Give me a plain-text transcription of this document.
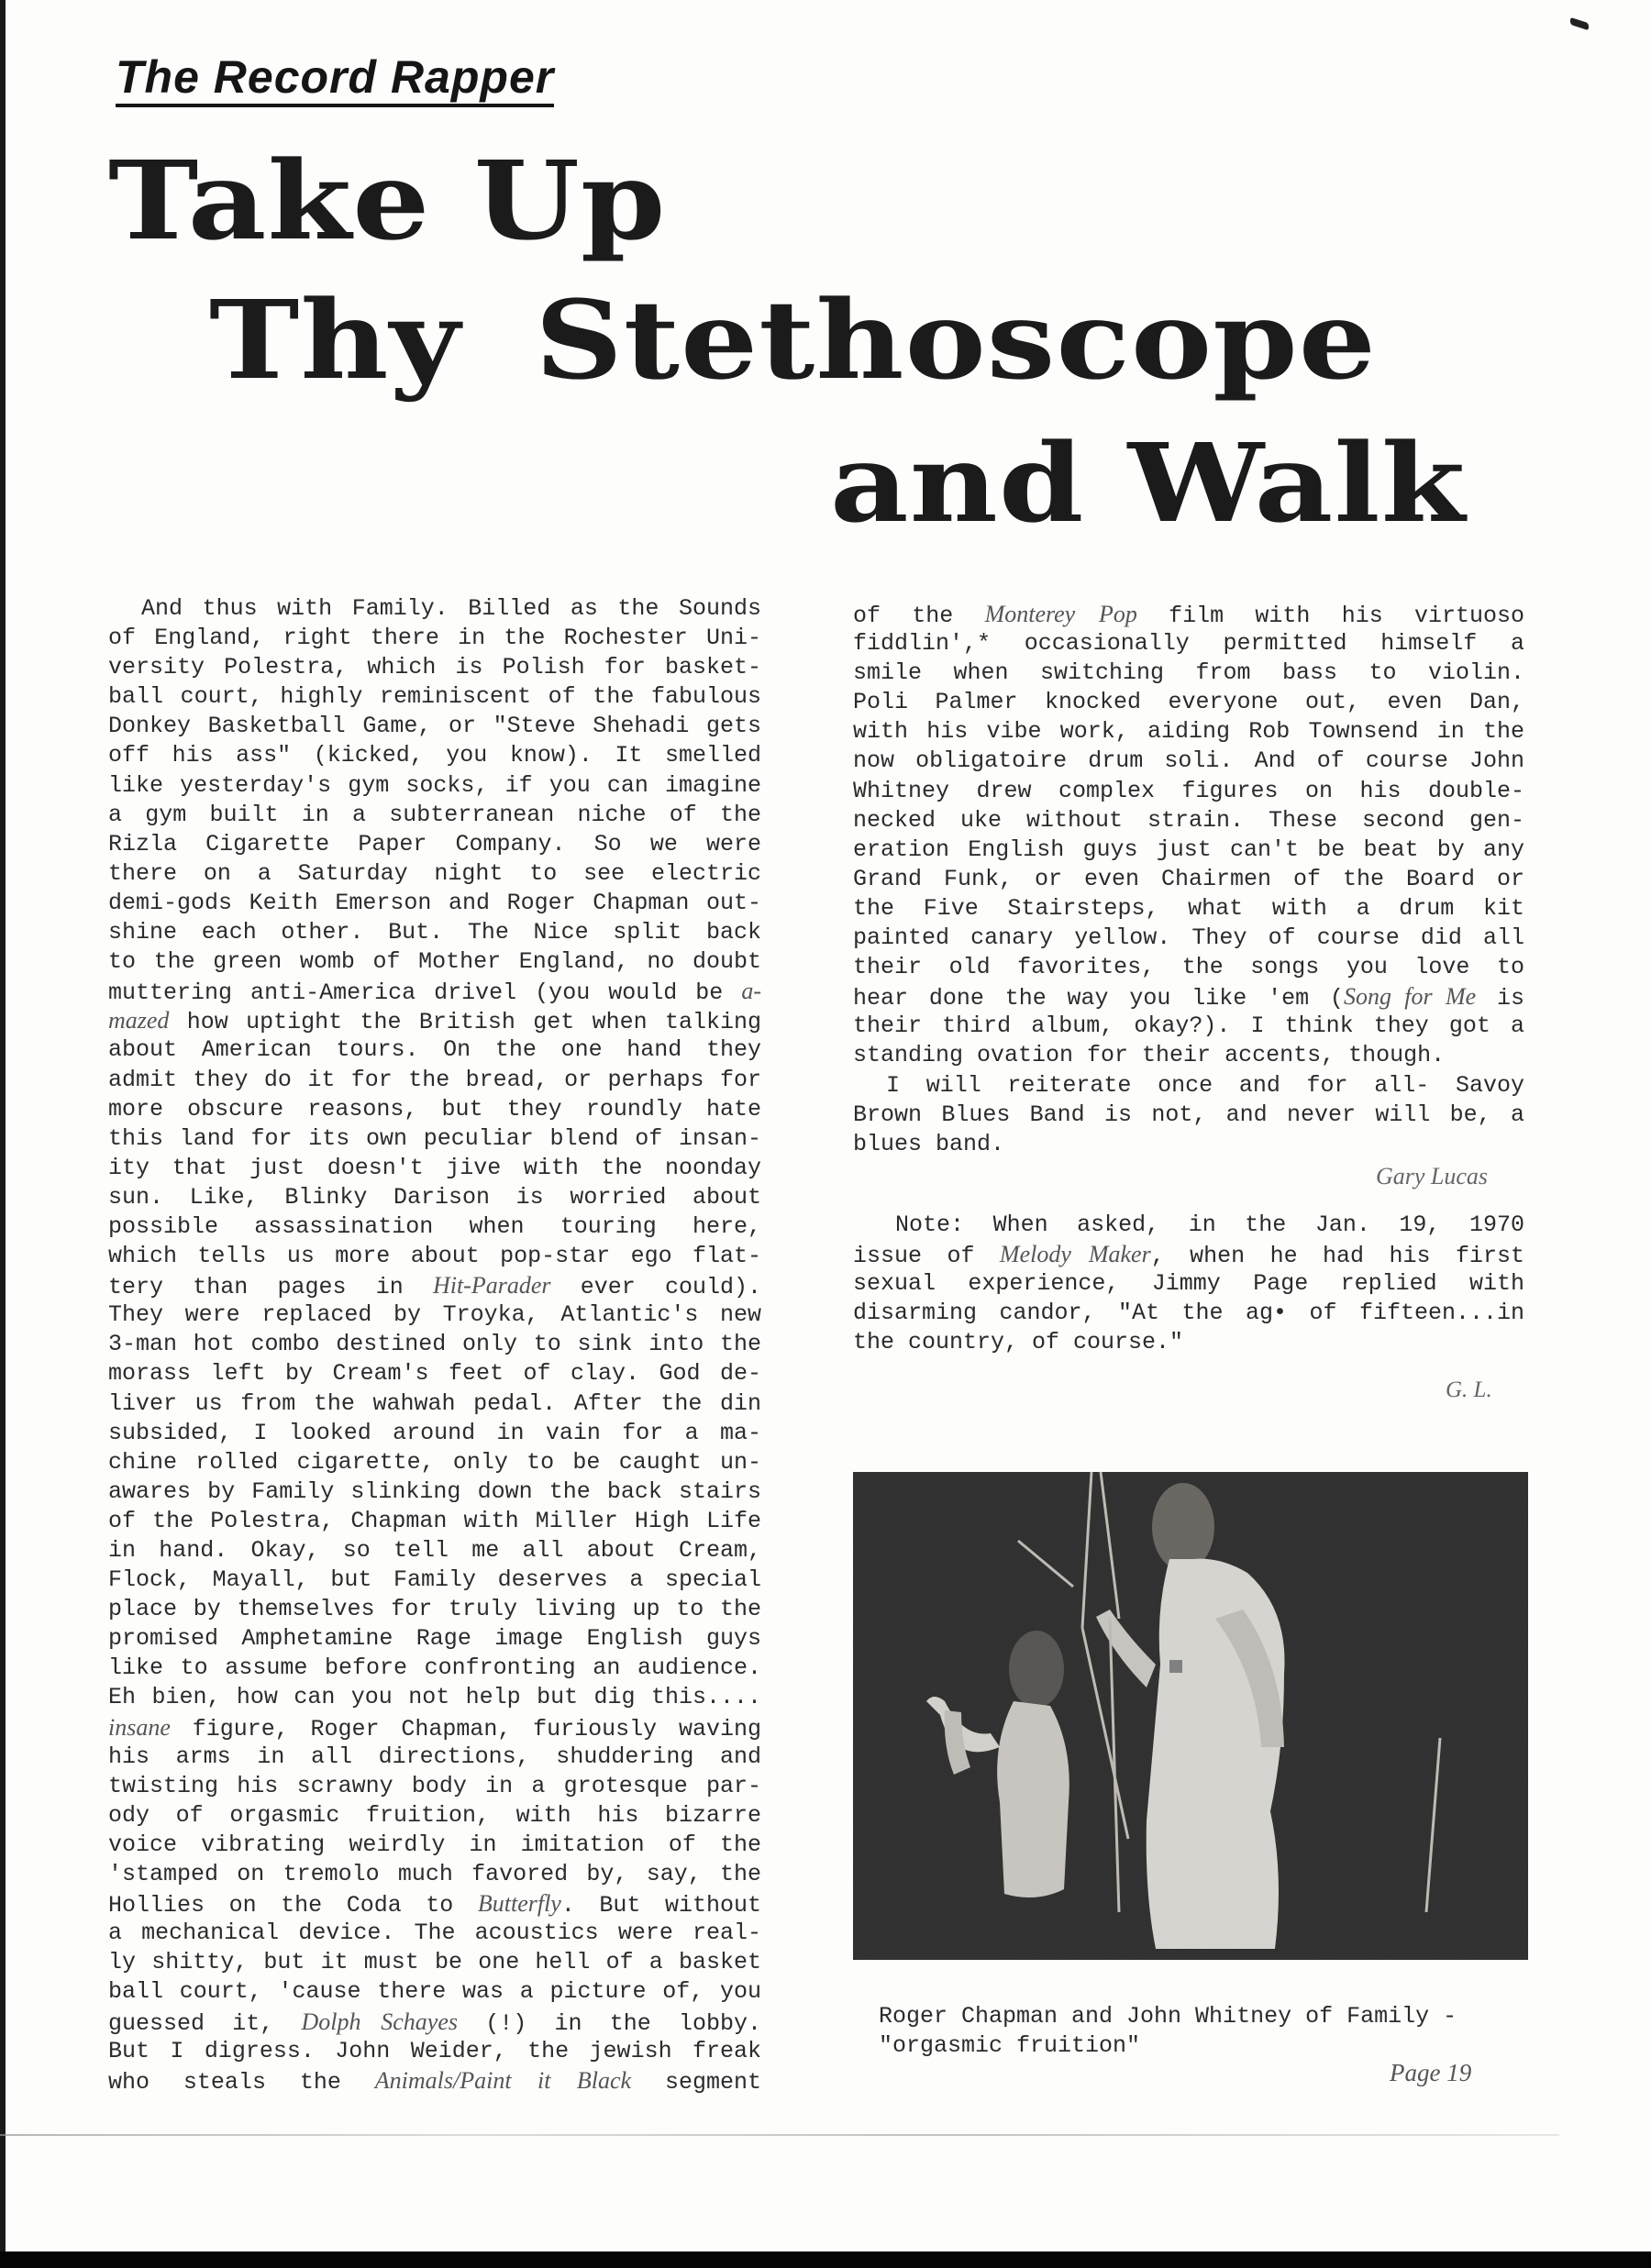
The Record Rapper
Take Up
Thy Stethoscope
and Walk
And thus with Family. Billed as the Sounds
of England, right there in the Rochester Uni-
versity Polestra, which is Polish for basket-
ball court, highly reminiscent of the fabulous
Donkey Basketball Game, or "Steve Shehadi gets
off his ass" (kicked, you know). It smelled
like yesterday's gym socks, if you can imagine
a gym built in a subterranean niche of the
Rizla Cigarette Paper Company. So we were
there on a Saturday night to see electric
demi-gods Keith Emerson and Roger Chapman out-
shine each other. But. The Nice split back
to the green womb of Mother England, no doubt
muttering anti-America drivel (you would be a-
mazed how uptight the British get when talking
about American tours. On the one hand they
admit they do it for the bread, or perhaps for
more obscure reasons, but they roundly hate
this land for its own peculiar blend of insan-
ity that just doesn't jive with the noonday
sun. Like, Blinky Darison is worried about
possible assassination when touring here,
which tells us more about pop-star ego flat-
tery than pages in Hit-Parader ever could).
They were replaced by Troyka, Atlantic's new
3-man hot combo destined only to sink into the
morass left by Cream's feet of clay. God de-
liver us from the wahwah pedal. After the din
subsided, I looked around in vain for a ma-
chine rolled cigarette, only to be caught un-
awares by Family slinking down the back stairs
of the Polestra, Chapman with Miller High Life
in hand. Okay, so tell me all about Cream,
Flock, Mayall, but Family deserves a special
place by themselves for truly living up to the
promised Amphetamine Rage image English guys
like to assume before confronting an audience.
Eh bien, how can you not help but dig this....
insane figure, Roger Chapman, furiously waving
his arms in all directions, shuddering and
twisting his scrawny body in a grotesque par-
ody of orgasmic fruition, with his bizarre
voice vibrating weirdly in imitation of the
'stamped on tremolo much favored by, say, the
Hollies on the Coda to Butterfly. But without
a mechanical device. The acoustics were real-
ly shitty, but it must be one hell of a basket
ball court, 'cause there was a picture of, you
guessed it, Dolph Schayes (!) in the lobby.
But I digress. John Weider, the jewish freak
who steals the Animals/Paint it Black segment
of the Monterey Pop film with his virtuoso
fiddlin',* occasionally permitted himself a
smile when switching from bass to violin.
Poli Palmer knocked everyone out, even Dan,
with his vibe work, aiding Rob Townsend in the
now obligatoire drum soli. And of course John
Whitney drew complex figures on his double-
necked uke without strain. These second gen-
eration English guys just can't be beat by any
Grand Funk, or even Chairmen of the Board or
the Five Stairsteps, what with a drum kit
painted canary yellow. They of course did all
their old favorites, the songs you love to
hear done the way you like 'em (Song for Me is
their third album, okay?). I think they got a
standing ovation for their accents, though.
I will reiterate once and for all- Savoy
Brown Blues Band is not, and never will be, a
blues band.
Gary Lucas
Note: When asked, in the Jan. 19, 1970
issue of Melody Maker, when he had his first
sexual experience, Jimmy Page replied with
disarming candor, "At the ag• of fifteen...in
the country, of course."
G. L.
Roger Chapman and John Whitney of Family -
"orgasmic fruition"
Page 19
